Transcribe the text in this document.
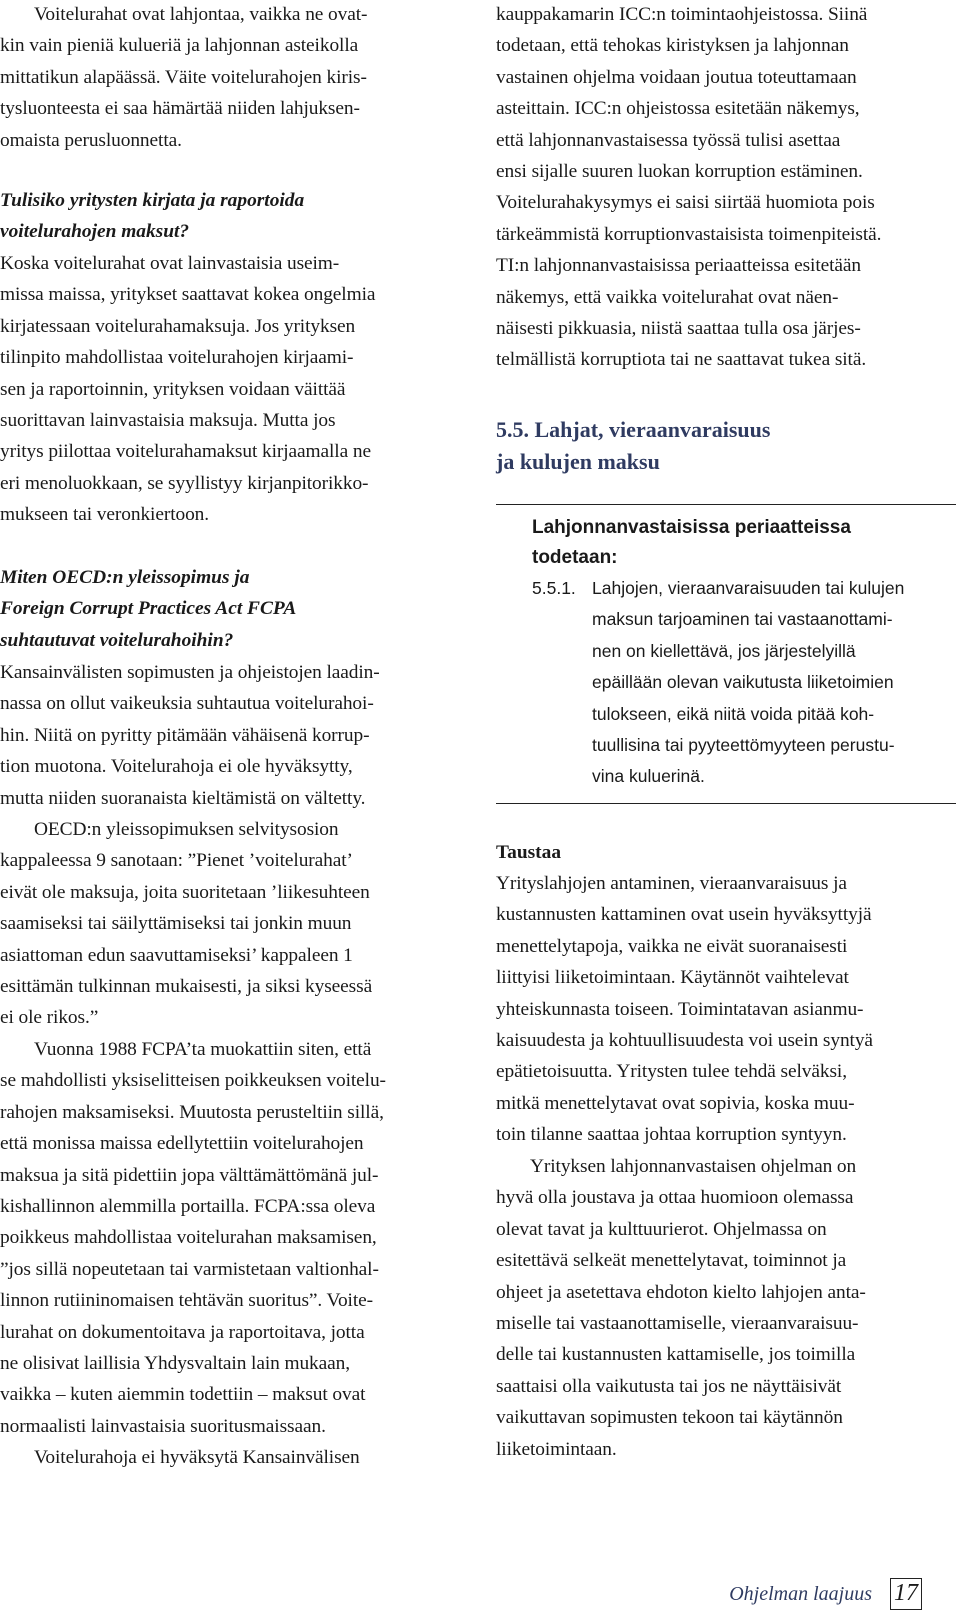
Voitelurahat ovat lahjontaa, vaikka ne ovat-
kin vain pieniä kulueriä ja lahjonnan asteikolla
mittatikun alapäässä. Väite voitelurahojen kiris-
tysluonteesta ei saa hämärtää niiden lahjuksen-
omaista perusluonnetta.
Tulisiko yritysten kirjata ja raportoida
voitelurahojen maksut?
Koska voitelurahat ovat lainvastaisia useim-
missa maissa, yritykset saattavat kokea ongelmia
kirjatessaan voitelurahamaksuja. Jos yrityksen
tilinpito mahdollistaa voitelurahojen kirjaami-
sen ja raportoinnin, yrityksen voidaan väittää
suorittavan lainvastaisia maksuja. Mutta jos
yritys piilottaa voitelurahamaksut kirjaamalla ne
eri menoluokkaan, se syyllistyy kirjanpitorikko-
mukseen tai veronkiertoon.
Miten OECD:n yleissopimus ja
Foreign Corrupt Practices Act FCPA
suhtautuvat voitelurahoihin?
Kansainvälisten sopimusten ja ohjeistojen laadin-
nassa on ollut vaikeuksia suhtautua voitelurahoi-
hin. Niitä on pyritty pitämään vähäisenä korrup-
tion muotona. Voitelurahoja ei ole hyväksytty,
mutta niiden suoranaista kieltämistä on vältetty.
OECD:n yleissopimuksen selvitysosion
kappaleessa 9 sanotaan: ”Pienet ’voitelurahat’
eivät ole maksuja, joita suoritetaan ’liikesuhteen
saamiseksi tai säilyttämiseksi tai jonkin muun
asiattoman edun saavuttamiseksi’ kappaleen 1
esittämän tulkinnan mukaisesti, ja siksi kyseessä
ei ole rikos.”
Vuonna 1988 FCPA’ta muokattiin siten, että
se mahdollisti yksiselitteisen poikkeuksen voitelu-
rahojen maksamiseksi. Muutosta perusteltiin sillä,
että monissa maissa edellytettiin voitelurahojen
maksua ja sitä pidettiin jopa välttämättömänä jul-
kishallinnon alemmilla portailla. FCPA:ssa oleva
poikkeus mahdollistaa voitelurahan maksamisen,
”jos sillä nopeutetaan tai varmistetaan valtionhal-
linnon rutiininomaisen tehtävän suoritus”. Voite-
lurahat on dokumentoitava ja raportoitava, jotta
ne olisivat laillisia Yhdysvaltain lain mukaan,
vaikka – kuten aiemmin todettiin – maksut ovat
normaalisti lainvastaisia suoritusmaissaan.
Voitelurahoja ei hyväksytä Kansainvälisen
kauppakamarin ICC:n toimintaohjeistossa. Siinä
todetaan, että tehokas kiristyksen ja lahjonnan
vastainen ohjelma voidaan joutua toteuttamaan
asteittain. ICC:n ohjeistossa esitetään näkemys,
että lahjonnanvastaisessa työssä tulisi asettaa
ensi sijalle suuren luokan korruption estäminen.
Voitelurahakysymys ei saisi siirtää huomiota pois
tärkeämmistä korruptionvastaisista toimenpiteistä.
TI:n lahjonnanvastaisissa periaatteissa esitetään
näkemys, että vaikka voitelurahat ovat näen-
näisesti pikkuasia, niistä saattaa tulla osa järjes-
telmällistä korruptiota tai ne saattavat tukea sitä.
5.5. Lahjat, vieraanvaraisuus
ja kulujen maksu
Taustaa
Yrityslahjojen antaminen, vieraanvaraisuus ja
kustannusten kattaminen ovat usein hyväksyttyjä
menettelytapoja, vaikka ne eivät suoranaisesti
liittyisi liiketoimintaan. Käytännöt vaihtelevat
yhteiskunnasta toiseen. Toimintatavan asianmu-
kaisuudesta ja kohtuullisuudesta voi usein syntyä
epätietoisuutta. Yritysten tulee tehdä selväksi,
mitkä menettelytavat ovat sopivia, koska muu-
toin tilanne saattaa johtaa korruption syntyyn.
Yrityksen lahjonnanvastaisen ohjelman on
hyvä olla joustava ja ottaa huomioon olemassa
olevat tavat ja kulttuurierot. Ohjelmassa on
esitettävä selkeät menettelytavat, toiminnot ja
ohjeet ja asetettava ehdoton kielto lahjojen anta-
miselle tai vastaanottamiselle, vieraanvaraisuu-
delle tai kustannusten kattamiselle, jos toimilla
saattaisi olla vaikutusta tai jos ne näyttäisivät
vaikuttavan sopimusten tekoon tai käytännön
liiketoimintaan.
Lahjonnanvastaisissa periaatteissa
todetaan:
5.5.1. Lahjojen, vieraanvaraisuuden tai kulujen
maksun tarjoaminen tai vastaanottami-
nen on kiellettävä, jos järjestelyillä
epäillään olevan vaikutusta liiketoimien
tulokseen, eikä niitä voida pitää koh-
tuullisina tai pyyteettömyyteen perustu-
vina kuluerinä.
Ohjelman laajuus 17
